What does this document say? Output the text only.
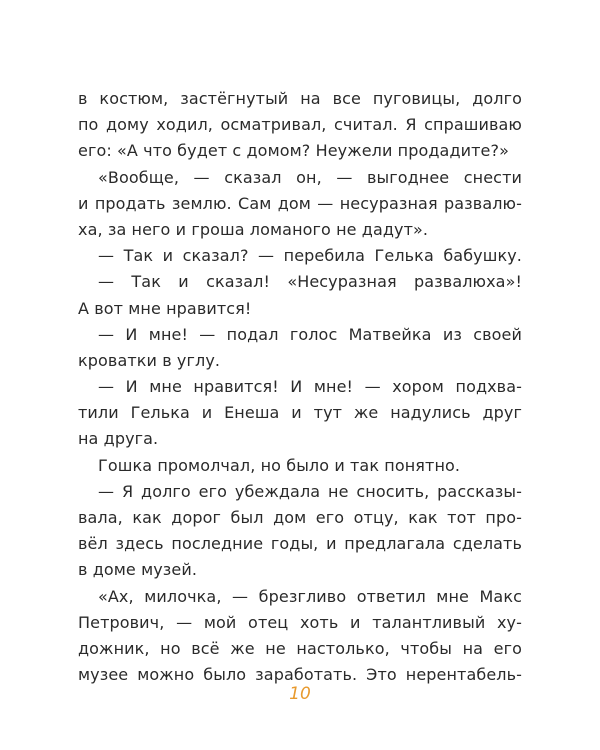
в костюм, застёгнутый на все пуговицы, долго
по дому ходил, осматривал, считал. Я спрашиваю
его: «А что будет с домом? Неужели продадите?»
«Вообще, — сказал он, — выгоднее снести
и продать землю. Сам дом — несуразная развалю-
ха, за него и гроша ломаного не дадут».
— Так и сказал? — перебила Гелька бабушку.
— Так и сказал! «Несуразная развалюха»!
А вот мне нравится!
— И мне! — подал голос Матвейка из своей
кроватки в углу.
— И мне нравится! И мне! — хором подхва-
тили Гелька и Енеша и тут же надулись друг
на друга.
Гошка промолчал, но было и так понятно.
— Я долго его убеждала не сносить, рассказы-
вала, как дорог был дом его отцу, как тот про-
вёл здесь последние годы, и предлагала сделать
в доме музей.
«Ах, милочка, — брезгливо ответил мне Макс
Петрович, — мой отец хоть и талантливый ху-
дожник, но всё же не настолько, чтобы на его
музее можно было заработать. Это нерентабель-
10
